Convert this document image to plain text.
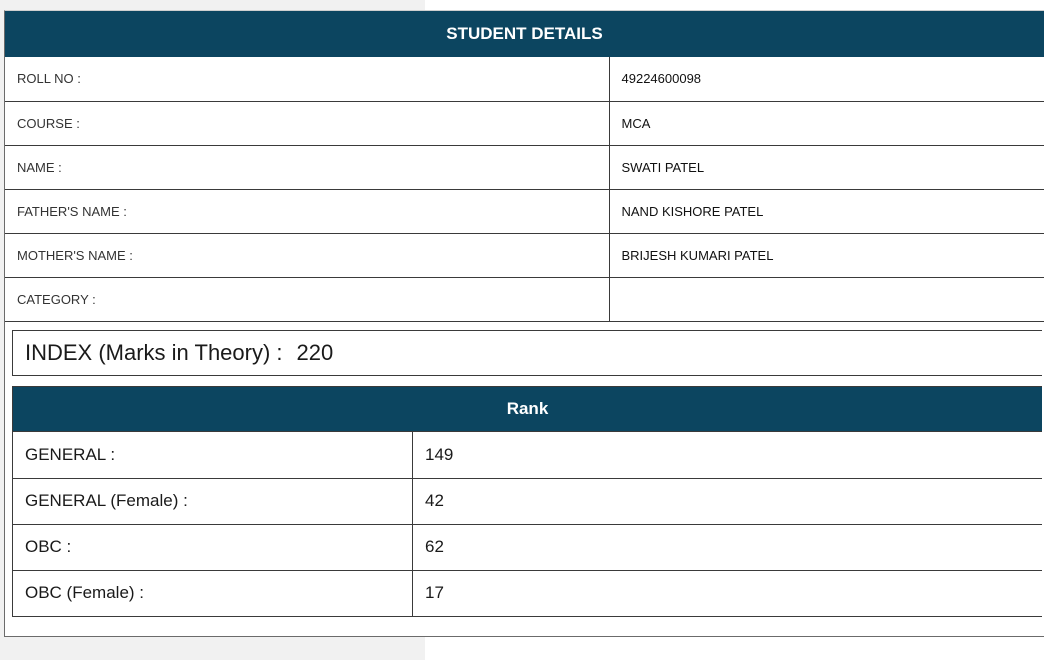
STUDENT DETAILS
ROLL NO :	49224600098
COURSE :	MCA
NAME :	SWATI PATEL
FATHER'S NAME :	NAND KISHORE PATEL
MOTHER'S NAME :	BRIJESH KUMARI PATEL
CATEGORY :	
INDEX (Marks in Theory) : 220
Rank
GENERAL :	149
GENERAL (Female) :	42
OBC :	62
OBC (Female) :	17
